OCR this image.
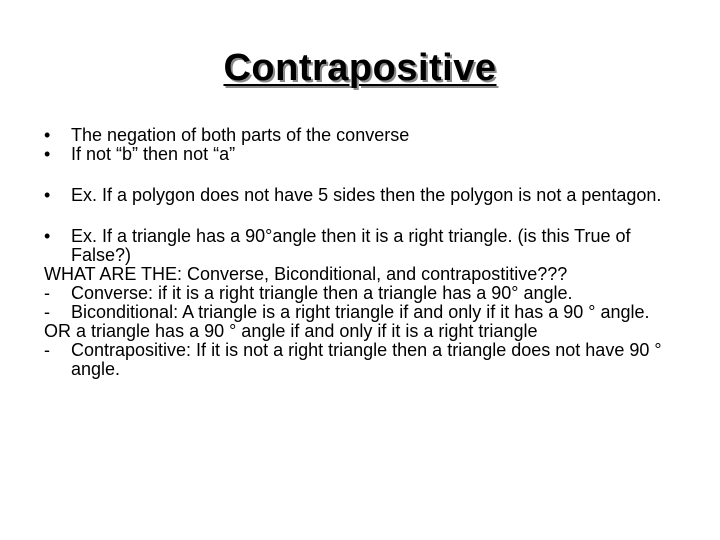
Contrapositive
•	The negation of both parts of the converse
•	If not “b” then not “a”
•	Ex. If a polygon does not have 5 sides then the polygon is not a pentagon.
•	Ex. If a triangle has a 90°angle then it is a right triangle. (is this True of False?)
WHAT ARE THE: Converse, Biconditional, and contrapostitive???
-	Converse: if it is a right triangle then a triangle has a 90° angle.
-	Biconditional: A triangle is a right triangle if and only if it has a 90 ° angle.
OR a triangle has a 90 ° angle if and only if it is a right triangle
-	Contrapositive: If it is not a right triangle then a triangle does not have 90 ° angle.
